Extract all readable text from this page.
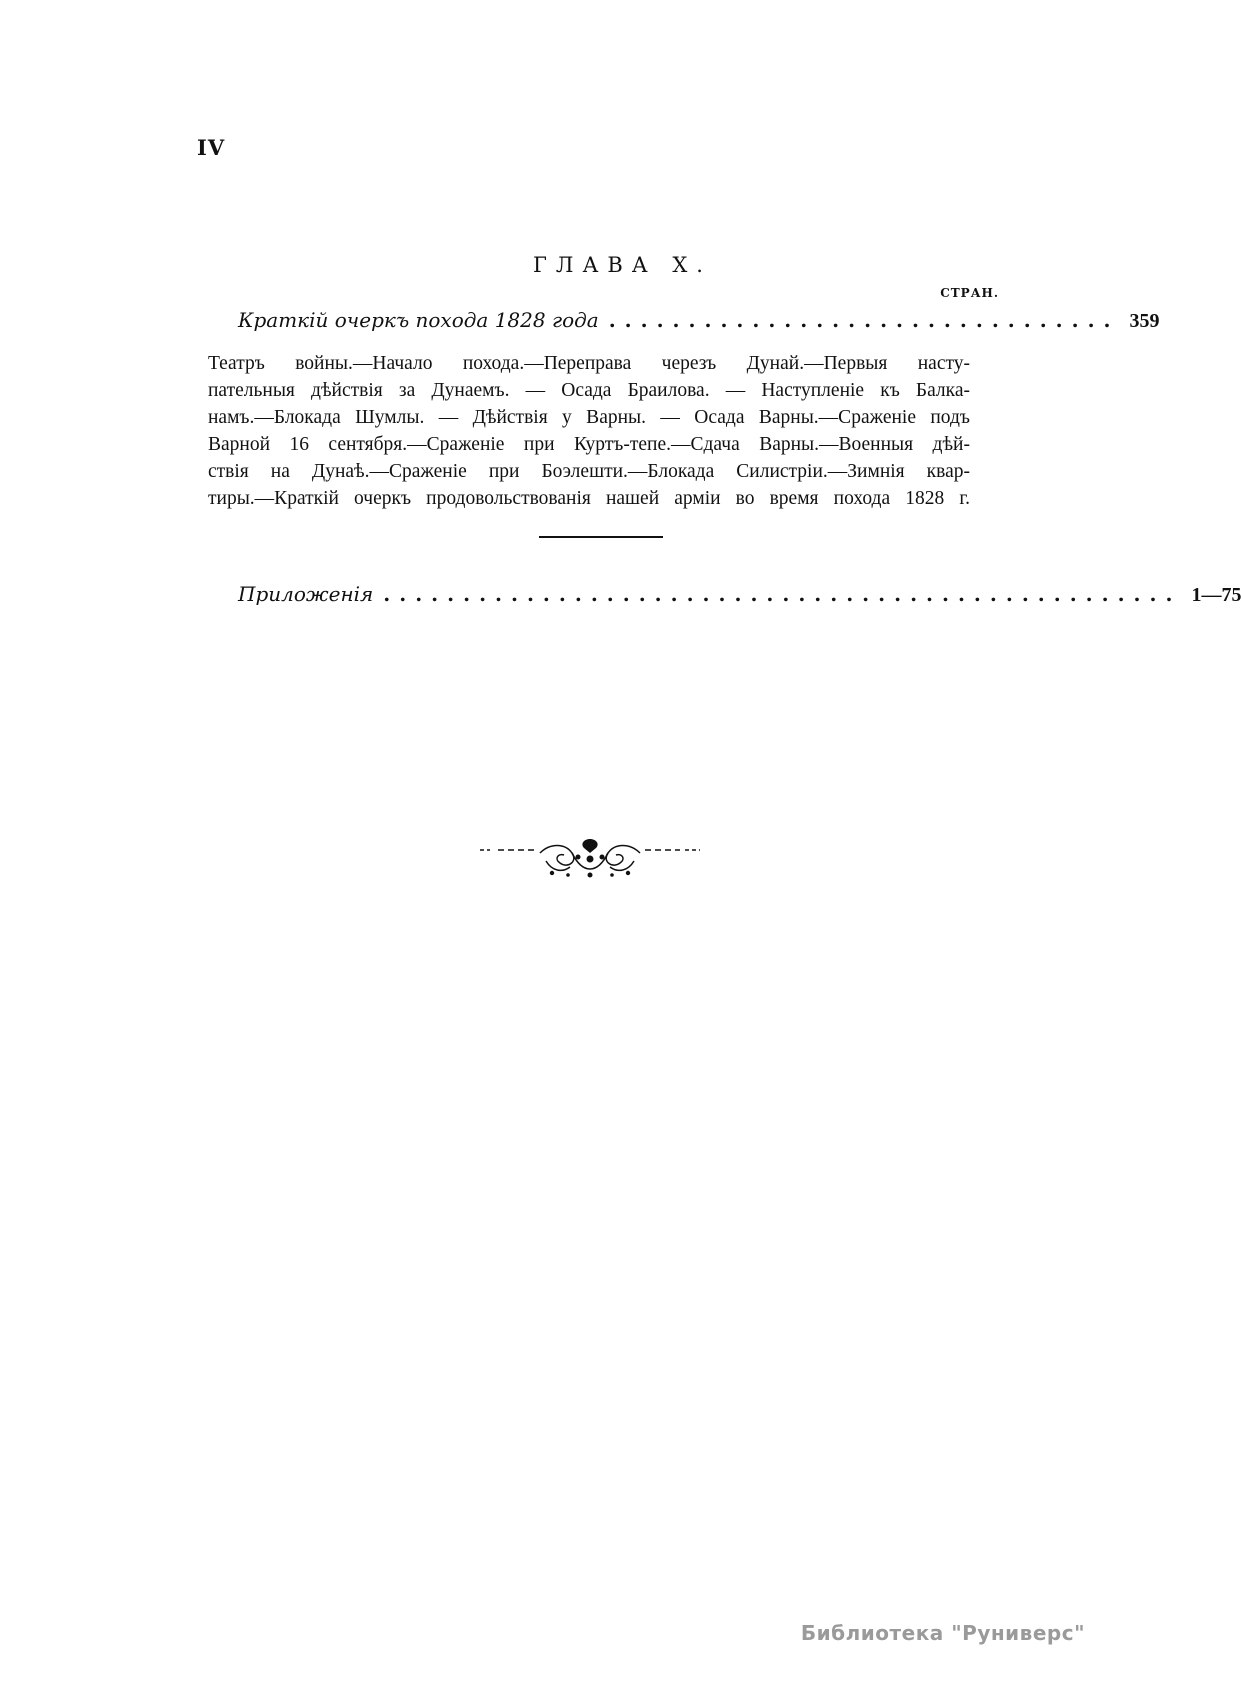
IV
ГЛАВА X.
СТРАН.
Краткій очеркъ похода 1828 года ................................ 359
Театръ войны.—Начало похода.—Переправа черезъ Дунай.—Первыя насту-
пательныя дѣйствія за Дунаемъ. — Осада Браилова. — Наступленіе къ Балка-
намъ.—Блокада Шумлы. — Дѣйствія у Варны. — Осада Варны.—Сраженіе подъ
Варной 16 сентября.—Сраженіе при Куртъ-тепе.—Сдача Варны.—Военныя дѣй-
ствія на Дунаѣ.—Сраженіе при Боэлешти.—Блокада Силистріи.—Зимнія квар-
тиры.—Краткій очеркъ продовольствованія нашей арміи во время похода 1828 г.
Приложенія .................................................. 1—75
Библиотека "Руниверс"
